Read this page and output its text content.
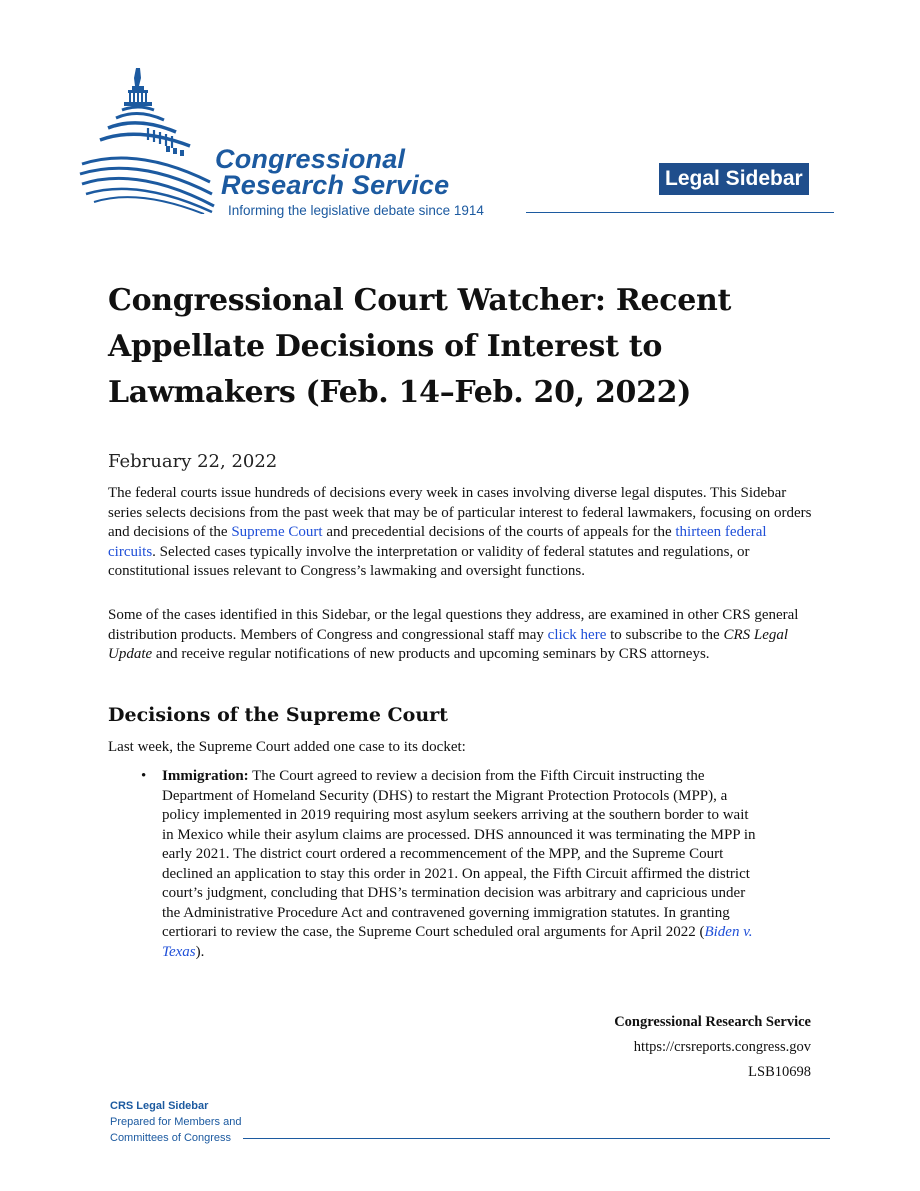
Congressional
Research Service
Informing the legislative debate since 1914
Legal Sidebar
Congressional Court Watcher: Recent Appellate Decisions of Interest to Lawmakers (Feb. 14–Feb. 20, 2022)
February 22, 2022

The federal courts issue hundreds of decisions every week in cases involving diverse legal disputes. This Sidebar series selects decisions from the past week that may be of particular interest to federal lawmakers, focusing on orders and decisions of the Supreme Court and precedential decisions of the courts of appeals for the thirteen federal circuits. Selected cases typically involve the interpretation or validity of federal statutes and regulations, or constitutional issues relevant to Congress’s lawmaking and oversight functions.

Some of the cases identified in this Sidebar, or the legal questions they address, are examined in other CRS general distribution products. Members of Congress and congressional staff may click here to subscribe to the CRS Legal Update and receive regular notifications of new products and upcoming seminars by CRS attorneys.

Decisions of the Supreme Court
Last week, the Supreme Court added one case to its docket:
• Immigration: The Court agreed to review a decision from the Fifth Circuit instructing the Department of Homeland Security (DHS) to restart the Migrant Protection Protocols (MPP), a policy implemented in 2019 requiring most asylum seekers arriving at the southern border to wait in Mexico while their asylum claims are processed. DHS announced it was terminating the MPP in early 2021. The district court ordered a recommencement of the MPP, and the Supreme Court declined an application to stay this order in 2021. On appeal, the Fifth Circuit affirmed the district court’s judgment, concluding that DHS’s termination decision was arbitrary and capricious under the Administrative Procedure Act and contravened governing immigration statutes. In granting certiorari to review the case, the Supreme Court scheduled oral arguments for April 2022 (Biden v. Texas).

Congressional Research Service
https://crsreports.congress.gov
LSB10698
CRS Legal Sidebar
Prepared for Members and
Committees of Congress
